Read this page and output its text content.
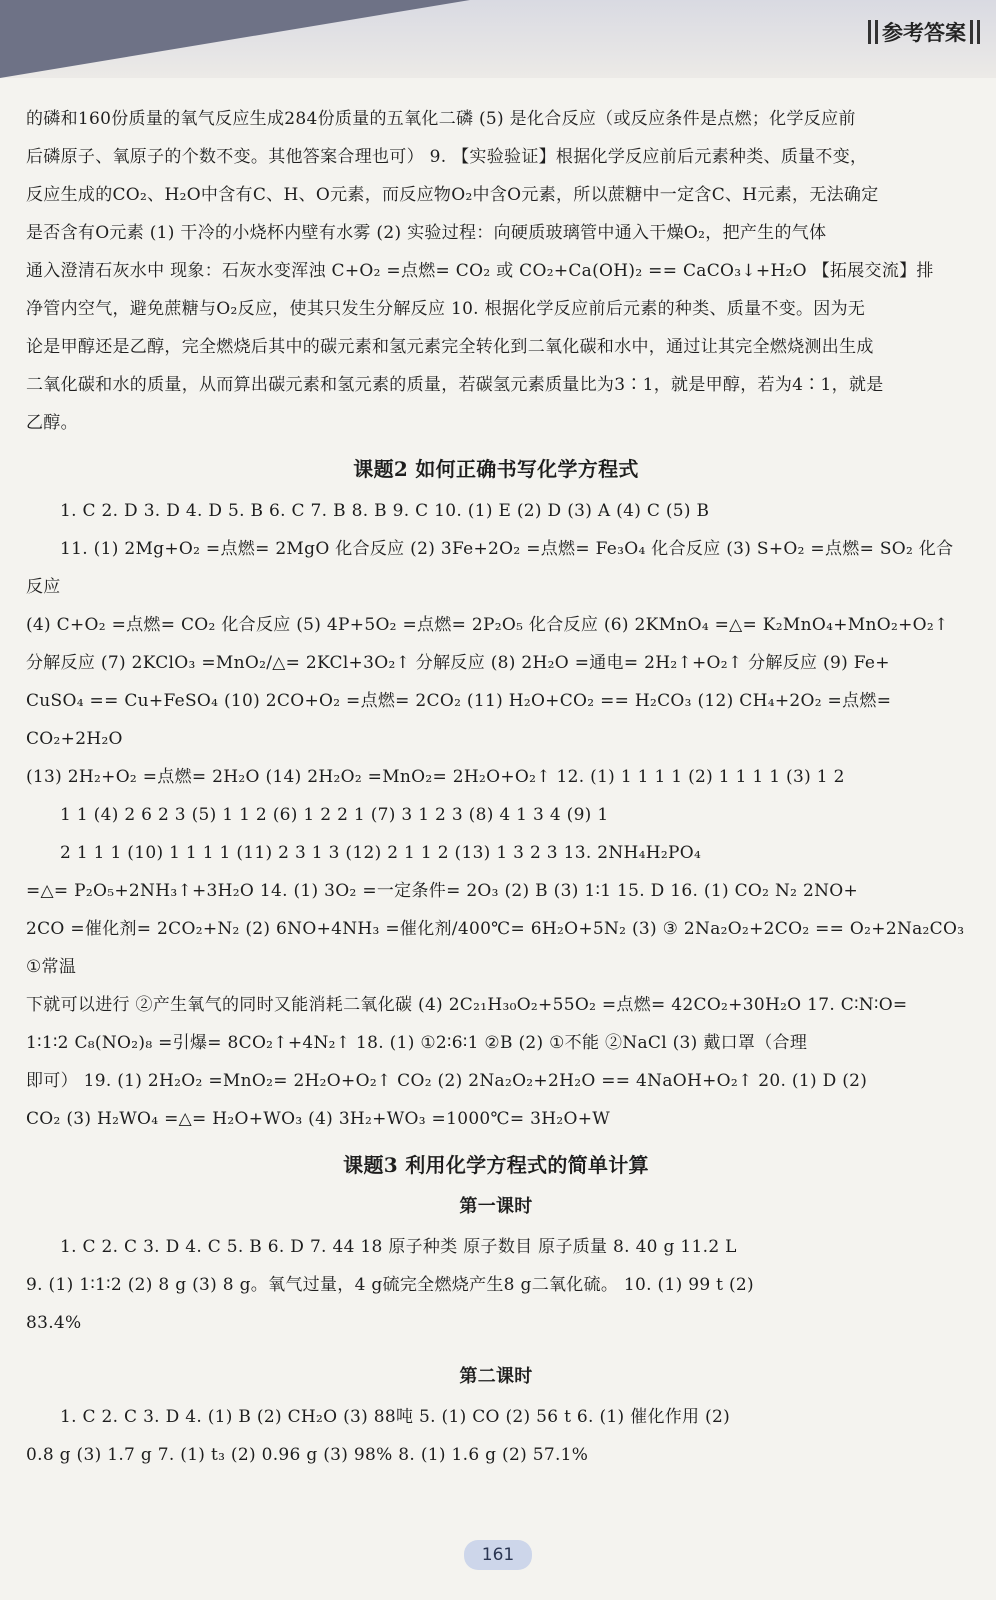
参考答案

的磷和160份质量的氧气反应生成284份质量的五氧化二磷 (5) 是化合反应（或反应条件是点燃；化学反应前

后磷原子、氧原子的个数不变。其他答案合理也可） 9. 【实验验证】根据化学反应前后元素种类、质量不变，

反应生成的CO₂、H₂O中含有C、H、O元素，而反应物O₂中含O元素，所以蔗糖中一定含C、H元素，无法确定

是否含有O元素 (1) 干冷的小烧杯内壁有水雾 (2) 实验过程：向硬质玻璃管中通入干燥O₂，把产生的气体

通入澄清石灰水中 现象：石灰水变浑浊 C+O₂ =点燃= CO₂ 或 CO₂+Ca(OH)₂ == CaCO₃↓+H₂O 【拓展交流】排

净管内空气，避免蔗糖与O₂反应，使其只发生分解反应 10. 根据化学反应前后元素的种类、质量不变。因为无

论是甲醇还是乙醇，完全燃烧后其中的碳元素和氢元素完全转化到二氧化碳和水中，通过让其完全燃烧测出生成

二氧化碳和水的质量，从而算出碳元素和氢元素的质量，若碳氢元素质量比为3∶1，就是甲醇，若为4∶1，就是

乙醇。

课题2 如何正确书写化学方程式

1. C 2. D 3. D 4. D 5. B 6. C 7. B 8. B 9. C 10. (1) E (2) D (3) A (4) C (5) B

11. (1) 2Mg+O₂ =点燃= 2MgO 化合反应 (2) 3Fe+2O₂ =点燃= Fe₃O₄ 化合反应 (3) S+O₂ =点燃= SO₂ 化合反应

(4) C+O₂ =点燃= CO₂ 化合反应 (5) 4P+5O₂ =点燃= 2P₂O₅ 化合反应 (6) 2KMnO₄ =△= K₂MnO₄+MnO₂+O₂↑

分解反应 (7) 2KClO₃ =MnO₂/△= 2KCl+3O₂↑ 分解反应 (8) 2H₂O =通电= 2H₂↑+O₂↑ 分解反应 (9) Fe+

CuSO₄ == Cu+FeSO₄ (10) 2CO+O₂ =点燃= 2CO₂ (11) H₂O+CO₂ == H₂CO₃ (12) CH₄+2O₂ =点燃= CO₂+2H₂O

(13) 2H₂+O₂ =点燃= 2H₂O (14) 2H₂O₂ =MnO₂= 2H₂O+O₂↑ 12. (1) 1 1 1 1 (2) 1 1 1 1 (3) 1 2

1 1 (4) 2 6 2 3 (5) 1 1 2 (6) 1 2 2 1 (7) 3 1 2 3 (8) 4 1 3 4 (9) 1

2 1 1 1 (10) 1 1 1 1 (11) 2 3 1 3 (12) 2 1 1 2 (13) 1 3 2 3 13. 2NH₄H₂PO₄

=△= P₂O₅+2NH₃↑+3H₂O 14. (1) 3O₂ =一定条件= 2O₃ (2) B (3) 1∶1 15. D 16. (1) CO₂ N₂ 2NO+

2CO =催化剂= 2CO₂+N₂ (2) 6NO+4NH₃ =催化剂/400℃= 6H₂O+5N₂ (3) ③ 2Na₂O₂+2CO₂ == O₂+2Na₂CO₃ ①常温

下就可以进行 ②产生氧气的同时又能消耗二氧化碳 (4) 2C₂₁H₃₀O₂+55O₂ =点燃= 42CO₂+30H₂O 17. C∶N∶O=

1∶1∶2 C₈(NO₂)₈ =引爆= 8CO₂↑+4N₂↑ 18. (1) ①2∶6∶1 ②B (2) ①不能 ②NaCl (3) 戴口罩（合理

即可） 19. (1) 2H₂O₂ =MnO₂= 2H₂O+O₂↑ CO₂ (2) 2Na₂O₂+2H₂O == 4NaOH+O₂↑ 20. (1) D (2)

CO₂ (3) H₂WO₄ =△= H₂O+WO₃ (4) 3H₂+WO₃ =1000℃= 3H₂O+W

课题3 利用化学方程式的简单计算
第一课时

1. C 2. C 3. D 4. C 5. B 6. D 7. 44 18 原子种类 原子数目 原子质量 8. 40 g 11.2 L

9. (1) 1∶1∶2 (2) 8 g (3) 8 g。氧气过量，4 g硫完全燃烧产生8 g二氧化硫。 10. (1) 99 t (2)

83.4%

第二课时

1. C 2. C 3. D 4. (1) B (2) CH₂O (3) 88吨 5. (1) CO (2) 56 t 6. (1) 催化作用 (2)

0.8 g (3) 1.7 g 7. (1) t₃ (2) 0.96 g (3) 98% 8. (1) 1.6 g (2) 57.1%

161
